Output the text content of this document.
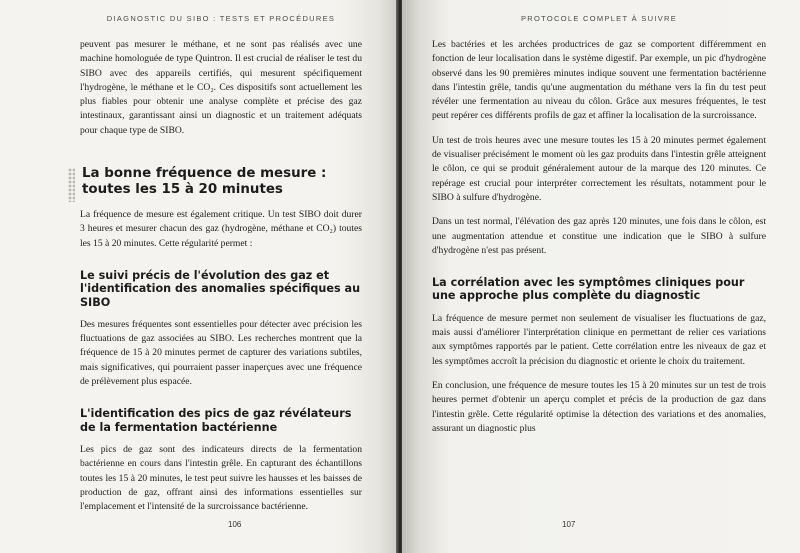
DIAGNOSTIC DU SIBO : TESTS ET PROCÉDURES

peuvent pas mesurer le méthane, et ne sont pas réalisés avec une machine homologuée de type Quintron. Il est crucial de réaliser le test du SIBO avec des appareils certifiés, qui mesurent spécifiquement l'hydrogène, le méthane et le CO₂. Ces dispositifs sont actuellement les plus fiables pour obtenir une analyse complète et précise des gaz intestinaux, garantissant ainsi un diagnostic et un traitement adéquats pour chaque type de SIBO.

La bonne fréquence de mesure : toutes les 15 à 20 minutes

La fréquence de mesure est également critique. Un test SIBO doit durer 3 heures et mesurer chacun des gaz (hydrogène, méthane et CO₂) toutes les 15 à 20 minutes. Cette régularité permet :

Le suivi précis de l'évolution des gaz et l'identification des anomalies spécifiques au SIBO

Des mesures fréquentes sont essentielles pour détecter avec précision les fluctuations de gaz associées au SIBO. Les recherches montrent que la fréquence de 15 à 20 minutes permet de capturer des variations subtiles, mais significatives, qui pourraient passer inaperçues avec une fréquence de prélèvement plus espacée.

L'identification des pics de gaz révélateurs de la fermentation bactérienne

Les pics de gaz sont des indicateurs directs de la fermentation bactérienne en cours dans l'intestin grêle. En capturant des échantillons toutes les 15 à 20 minutes, le test peut suivre les hausses et les baisses de production de gaz, offrant ainsi des informations essentielles sur l'emplacement et l'intensité de la surcroissance bactérienne.

106
PROTOCOLE COMPLET À SUIVRE

Les bactéries et les archées productrices de gaz se comportent différemment en fonction de leur localisation dans le système digestif. Par exemple, un pic d'hydrogène observé dans les 90 premières minutes indique souvent une fermentation bactérienne dans l'intestin grêle, tandis qu'une augmentation du méthane vers la fin du test peut révéler une fermentation au niveau du côlon. Grâce aux mesures fréquentes, le test peut repérer ces différents profils de gaz et affiner la localisation de la surcroissance.

Un test de trois heures avec une mesure toutes les 15 à 20 minutes permet également de visualiser précisément le moment où les gaz produits dans l'intestin grêle atteignent le côlon, ce qui se produit généralement autour de la marque des 120 minutes. Ce repérage est crucial pour interpréter correctement les résultats, notamment pour le SIBO à sulfure d'hydrogène.

Dans un test normal, l'élévation des gaz après 120 minutes, une fois dans le côlon, est une augmentation attendue et constitue une indication que le SIBO à sulfure d'hydrogène n'est pas présent.

La corrélation avec les symptômes cliniques pour une approche plus complète du diagnostic

La fréquence de mesure permet non seulement de visualiser les fluctuations de gaz, mais aussi d'améliorer l'interprétation clinique en permettant de relier ces variations aux symptômes rapportés par le patient. Cette corrélation entre les niveaux de gaz et les symptômes accroît la précision du diagnostic et oriente le choix du traitement.

En conclusion, une fréquence de mesure toutes les 15 à 20 minutes sur un test de trois heures permet d'obtenir un aperçu complet et précis de la production de gaz dans l'intestin grêle. Cette régularité optimise la détection des variations et des anomalies, assurant un diagnostic plus

107
